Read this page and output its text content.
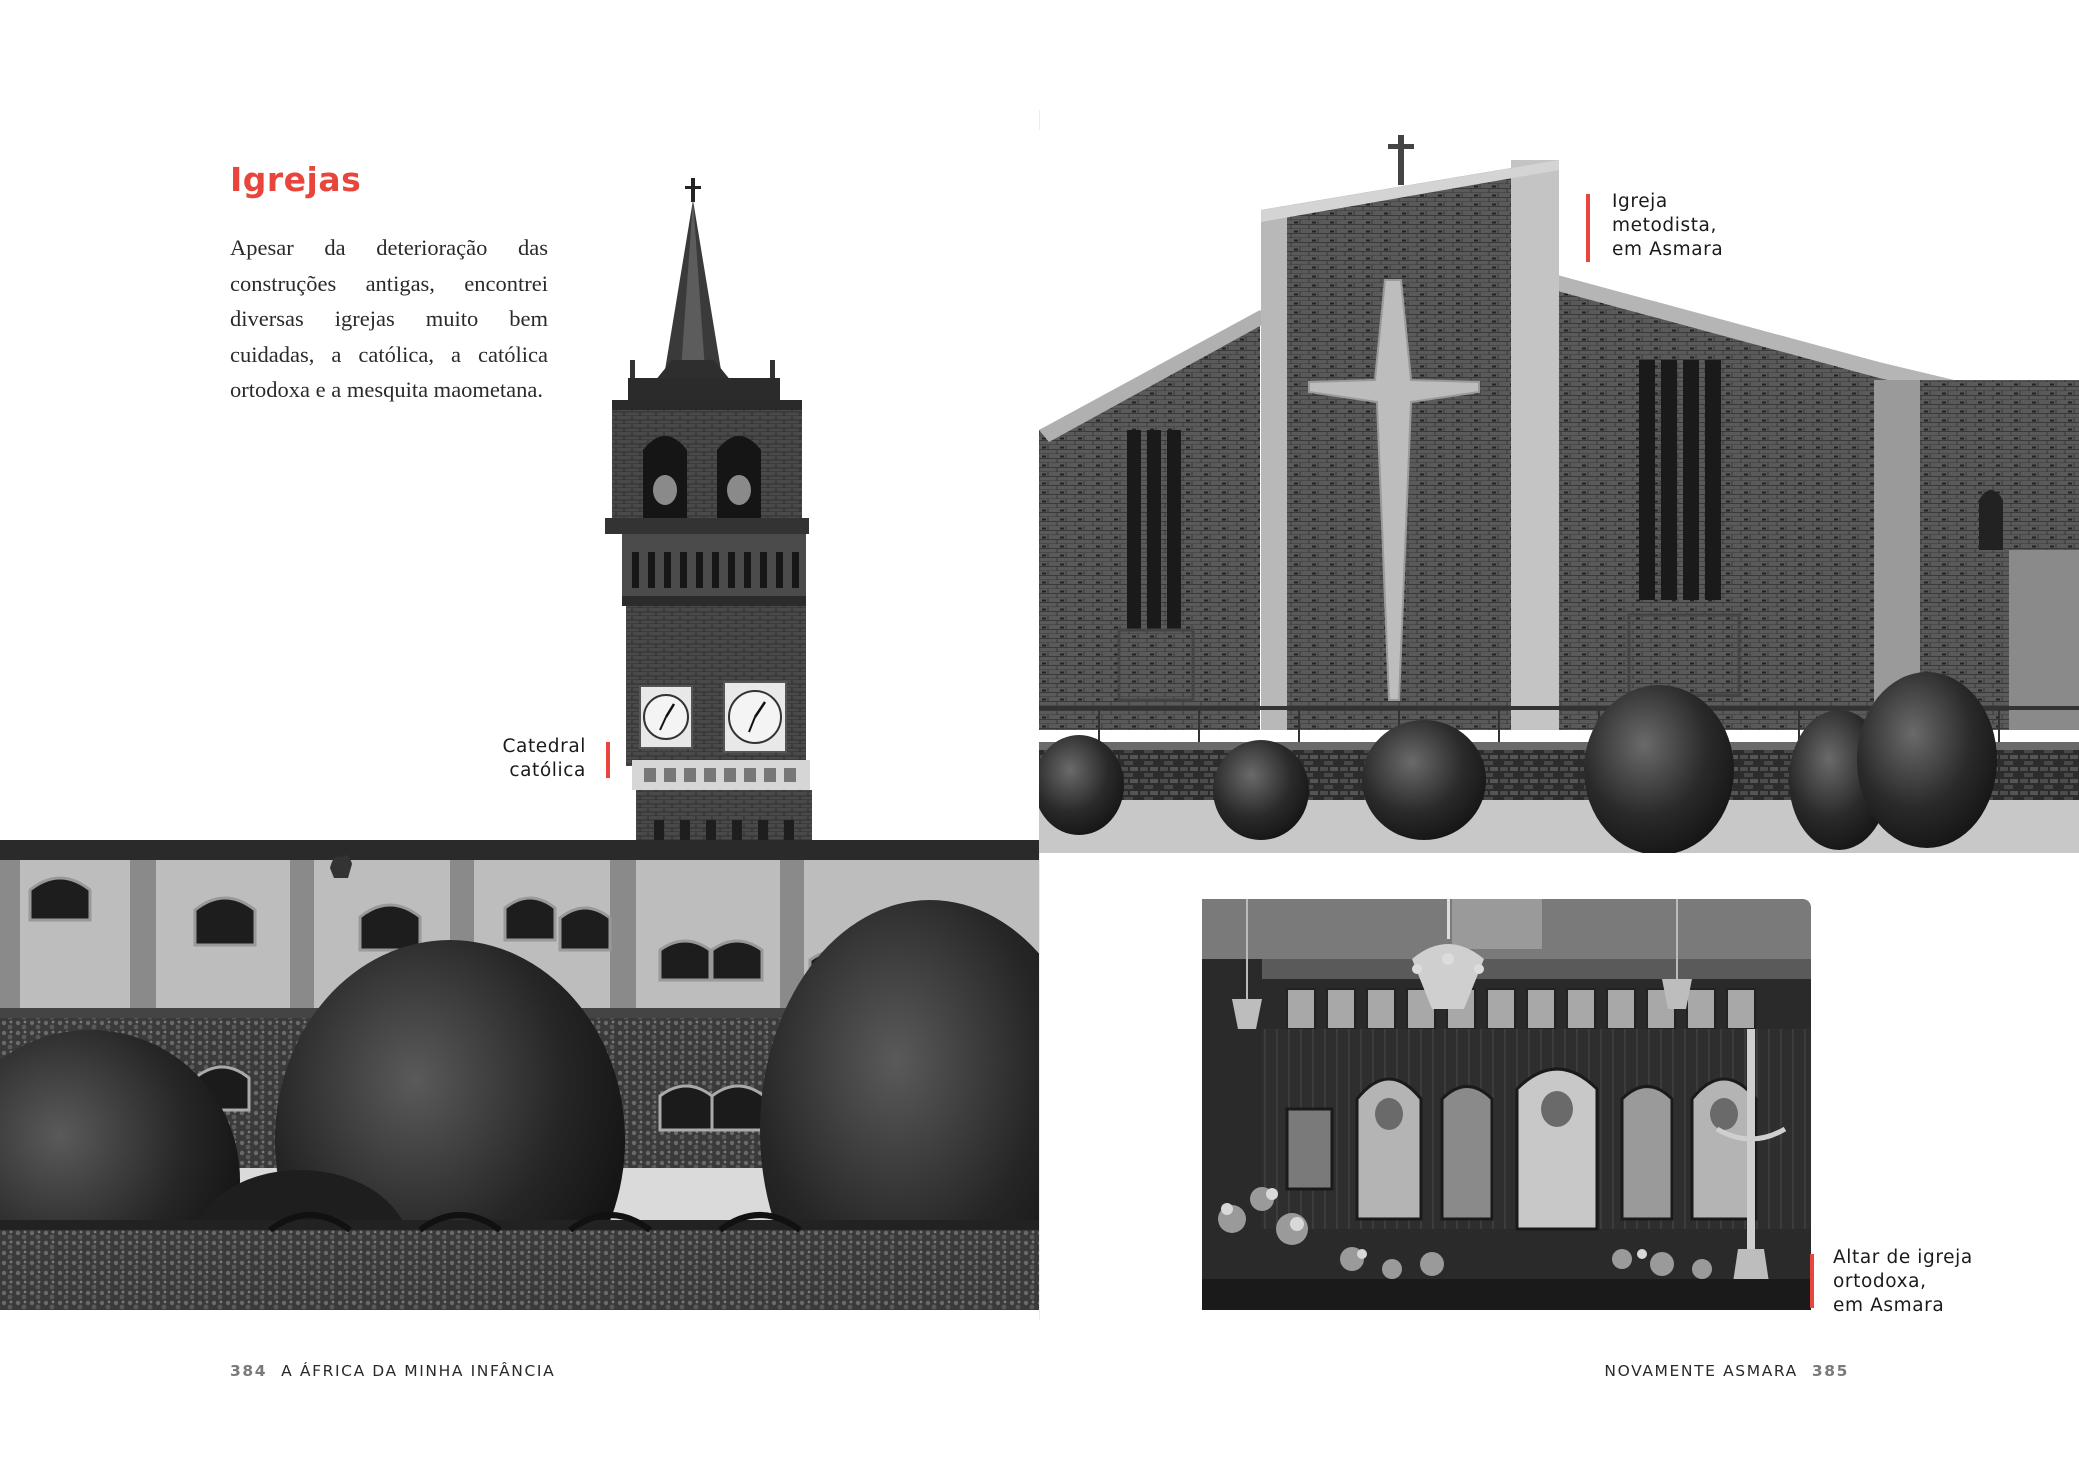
Igrejas
Apesar da deterioração das construções antigas, encontrei diversas igrejas muito bem cuidadas, a católica, a católica ortodoxa e a mesquita maometana.
Catedral
católica
384 A ÁFRICA DA MINHA INFÂNCIA
Igreja
metodista,
em Asmara
Altar de igreja
ortodoxa,
em Asmara
NOVAMENTE ASMARA 385
